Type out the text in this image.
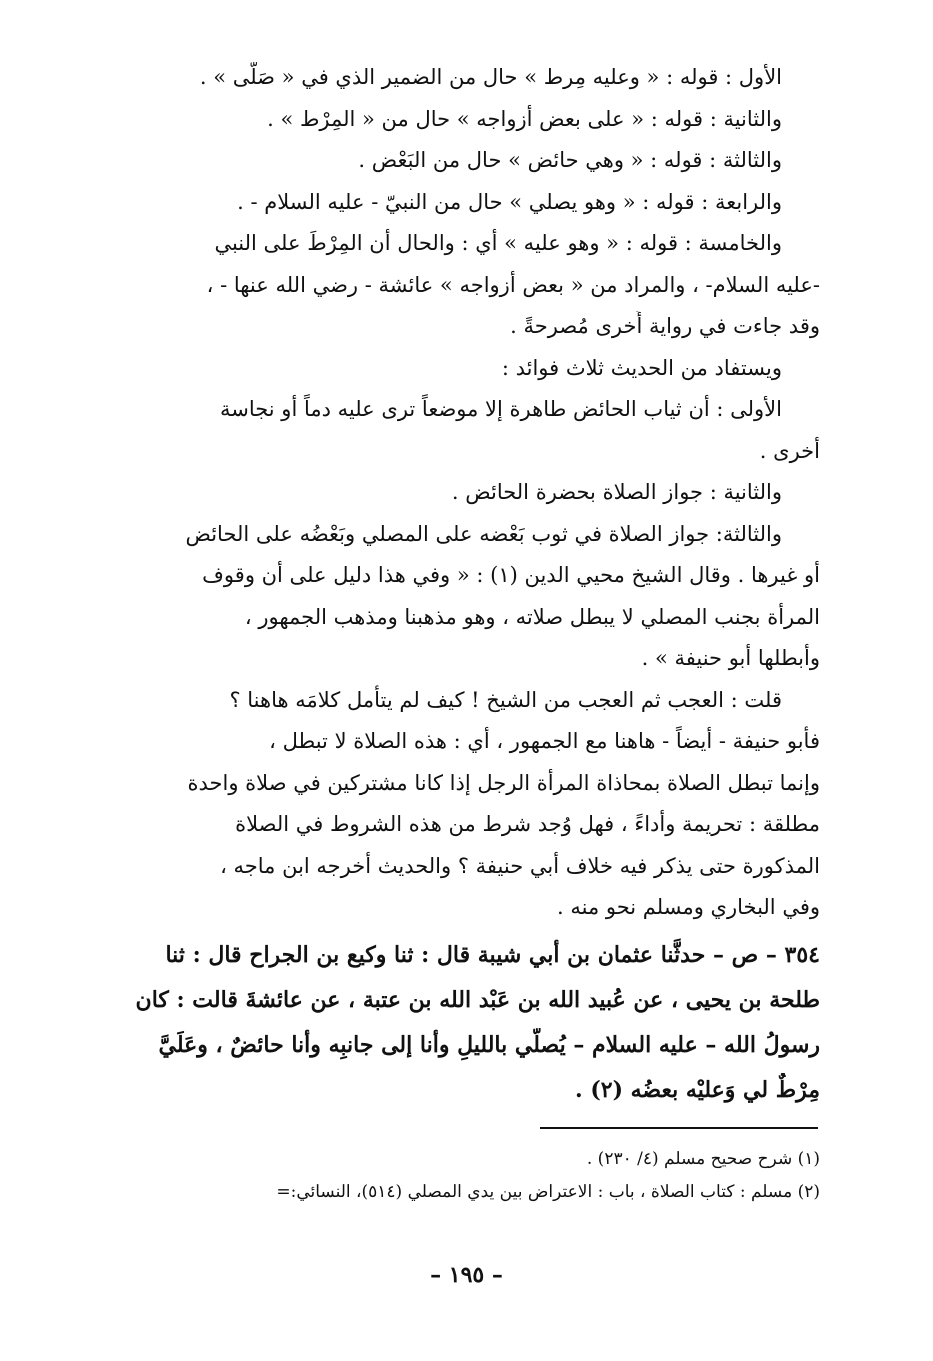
الأول : قوله : « وعليه مِرط » حال من الضمير الذي في « صَلّى » .
والثانية : قوله : « على بعض أزواجه » حال من « المِرْط » .
والثالثة : قوله : « وهي حائض » حال من البَعْض .
والرابعة : قوله : « وهو يصلي » حال من النبيّ - عليه السلام - .
والخامسة : قوله : « وهو عليه » أي : والحال أن المِرْطَ على النبي
-عليه السلام- ، والمراد من « بعض أزواجه » عائشة - رضي الله عنها - ،
وقد جاءت في رواية أُخرى مُصرحةً .
ويستفاد من الحديث ثلاث فوائد :
الأولى : أن ثياب الحائض طاهرة إلا موضعاً ترى عليه دماً أو نجاسة
أخرى .
والثانية : جواز الصلاة بحضرة الحائض .
والثالثة: جواز الصلاة في ثوب بَعْضه على المصلي وبَعْضُه على الحائض
أو غيرها . وقال الشيخ محيي الدين (١) : « وفي هذا دليل على أن وقوف
المرأة بجنب المصلي لا يبطل صلاته ، وهو مذهبنا ومذهب الجمهور ،
وأبطلها أبو حنيفة » .
قلت : العجب ثم العجب من الشيخ ! كيف لم يتأمل كلامَه هاهنا ؟
فأبو حنيفة - أيضاً - هاهنا مع الجمهور ، أي : هذه الصلاة لا تبطل ،
وإنما تبطل الصلاة بمحاذاة المرأة الرجل إذا كانا مشتركين في صلاة واحدة
مطلقة : تحريمة وأداءً ، فهل وُجد شرط من هذه الشروط في الصلاة
المذكورة حتى يذكر فيه خلاف أبي حنيفة ؟ والحديث أخرجه ابن ماجه ،
وفي البخاري ومسلم نحو منه .
٣٥٤ – ص – حدثَّنا عثمان بن أبي شيبة قال : ثنا وكيع بن الجراح قال : ثنا
طلحة بن يحيى ، عن عُبيد الله بن عَبْد الله بن عتبة ، عن عائشةَ قالت : كان
رسولُ الله – عليه السلام – يُصلّي بالليلِ وأنا إلى جانبِه وأنا حائضٌ ، وعَلَيَّ
مِرْطٌ لي وَعليْه بعضُه (٢) .
(١) شرح صحيح مسلم (٤/ ٢٣٠) .
(٢) مسلم : كتاب الصلاة ، باب : الاعتراض بين يدي المصلي (٥١٤)، النسائي:=
– ١٩٥ –
